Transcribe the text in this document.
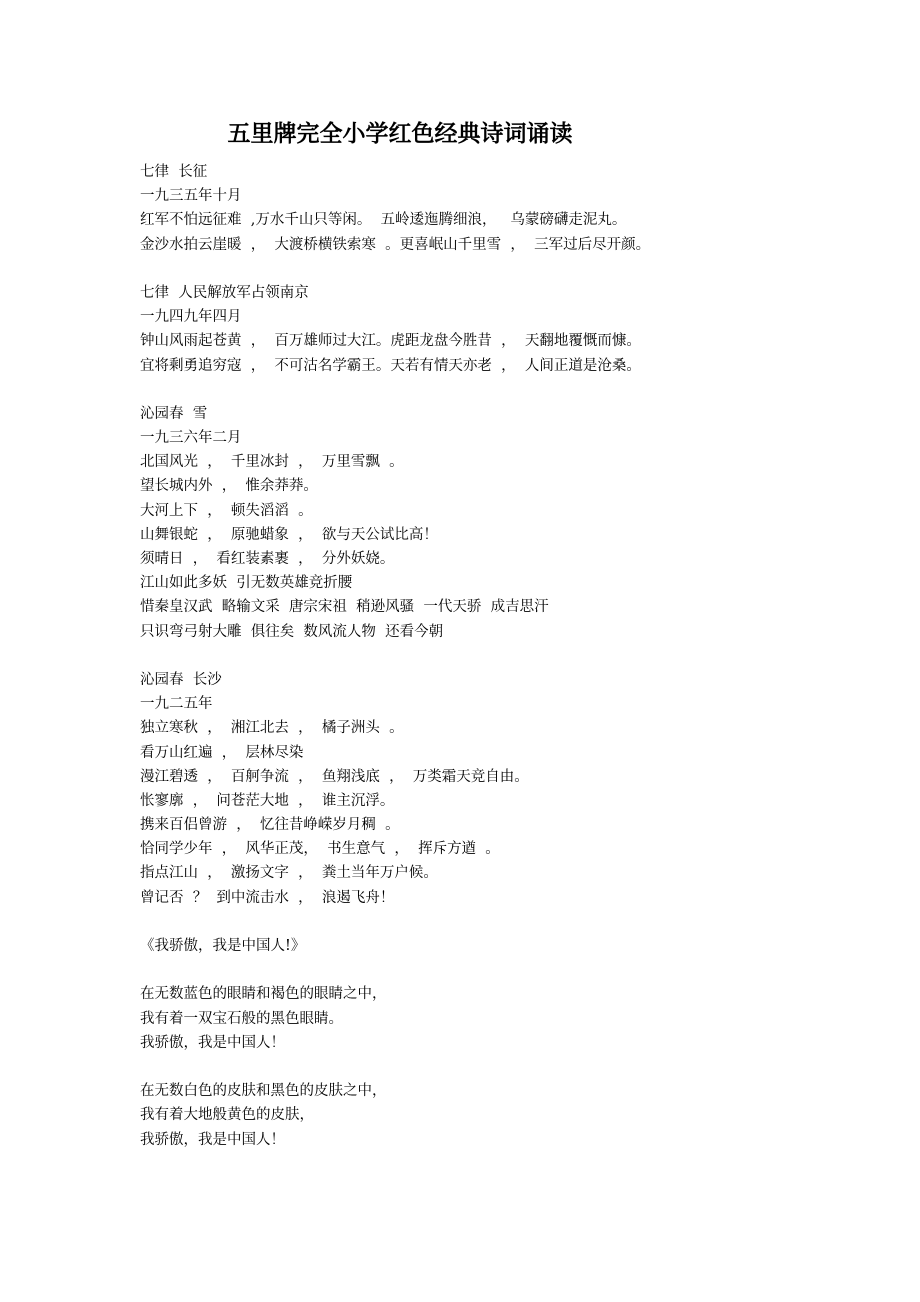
五里牌完全小学红色经典诗词诵读
七律  长征
一九三五年十月
红军不怕远征难  ,万水千山只等闲。  五岭逶迤腾细浪，   乌蒙磅礴走泥丸。
金沙水拍云崖暖  ，  大渡桥横铁索寒  。更喜岷山千里雪  ，  三军过后尽开颜。
七律  人民解放军占领南京
一九四九年四月
钟山风雨起苍黄  ，  百万雄师过大江。虎距龙盘今胜昔  ，  天翻地覆慨而慷。
宜将剩勇追穷寇  ，  不可沽名学霸王。天若有情天亦老  ，  人间正道是沧桑。
沁园春  雪
一九三六年二月
北国风光  ，  千里冰封  ，  万里雪飘  。
望长城内外  ，  惟余莽莽。
大河上下  ，  顿失滔滔  。
山舞银蛇  ，  原驰蜡象  ，  欲与天公试比高！
须晴日  ，  看红装素裹  ，  分外妖娆。
江山如此多妖  引无数英雄竞折腰
惜秦皇汉武  略输文采  唐宗宋祖  稍逊风骚  一代天骄  成吉思汗
只识弯弓射大雕  俱往矣  数风流人物  还看今朝
沁园春  长沙
一九二五年
独立寒秋  ，  湘江北去  ，  橘子洲头  。
看万山红遍  ，  层林尽染
漫江碧透  ，  百舸争流  ，  鱼翔浅底  ，  万类霜天竞自由。
怅寥廓  ，  问苍茫大地  ，  谁主沉浮。
携来百侣曾游  ，  忆往昔峥嵘岁月稠  。
恰同学少年  ，  风华正茂，  书生意气  ，  挥斥方遒  。
指点江山  ，  激扬文字  ，  粪土当年万户候。
曾记否  ？  到中流击水  ，  浪遏飞舟！
《我骄傲，我是中国人!》
在无数蓝色的眼睛和褐色的眼睛之中，
我有着一双宝石般的黑色眼睛。
我骄傲，我是中国人！
在无数白色的皮肤和黑色的皮肤之中，
我有着大地般黄色的皮肤，
我骄傲，我是中国人！
